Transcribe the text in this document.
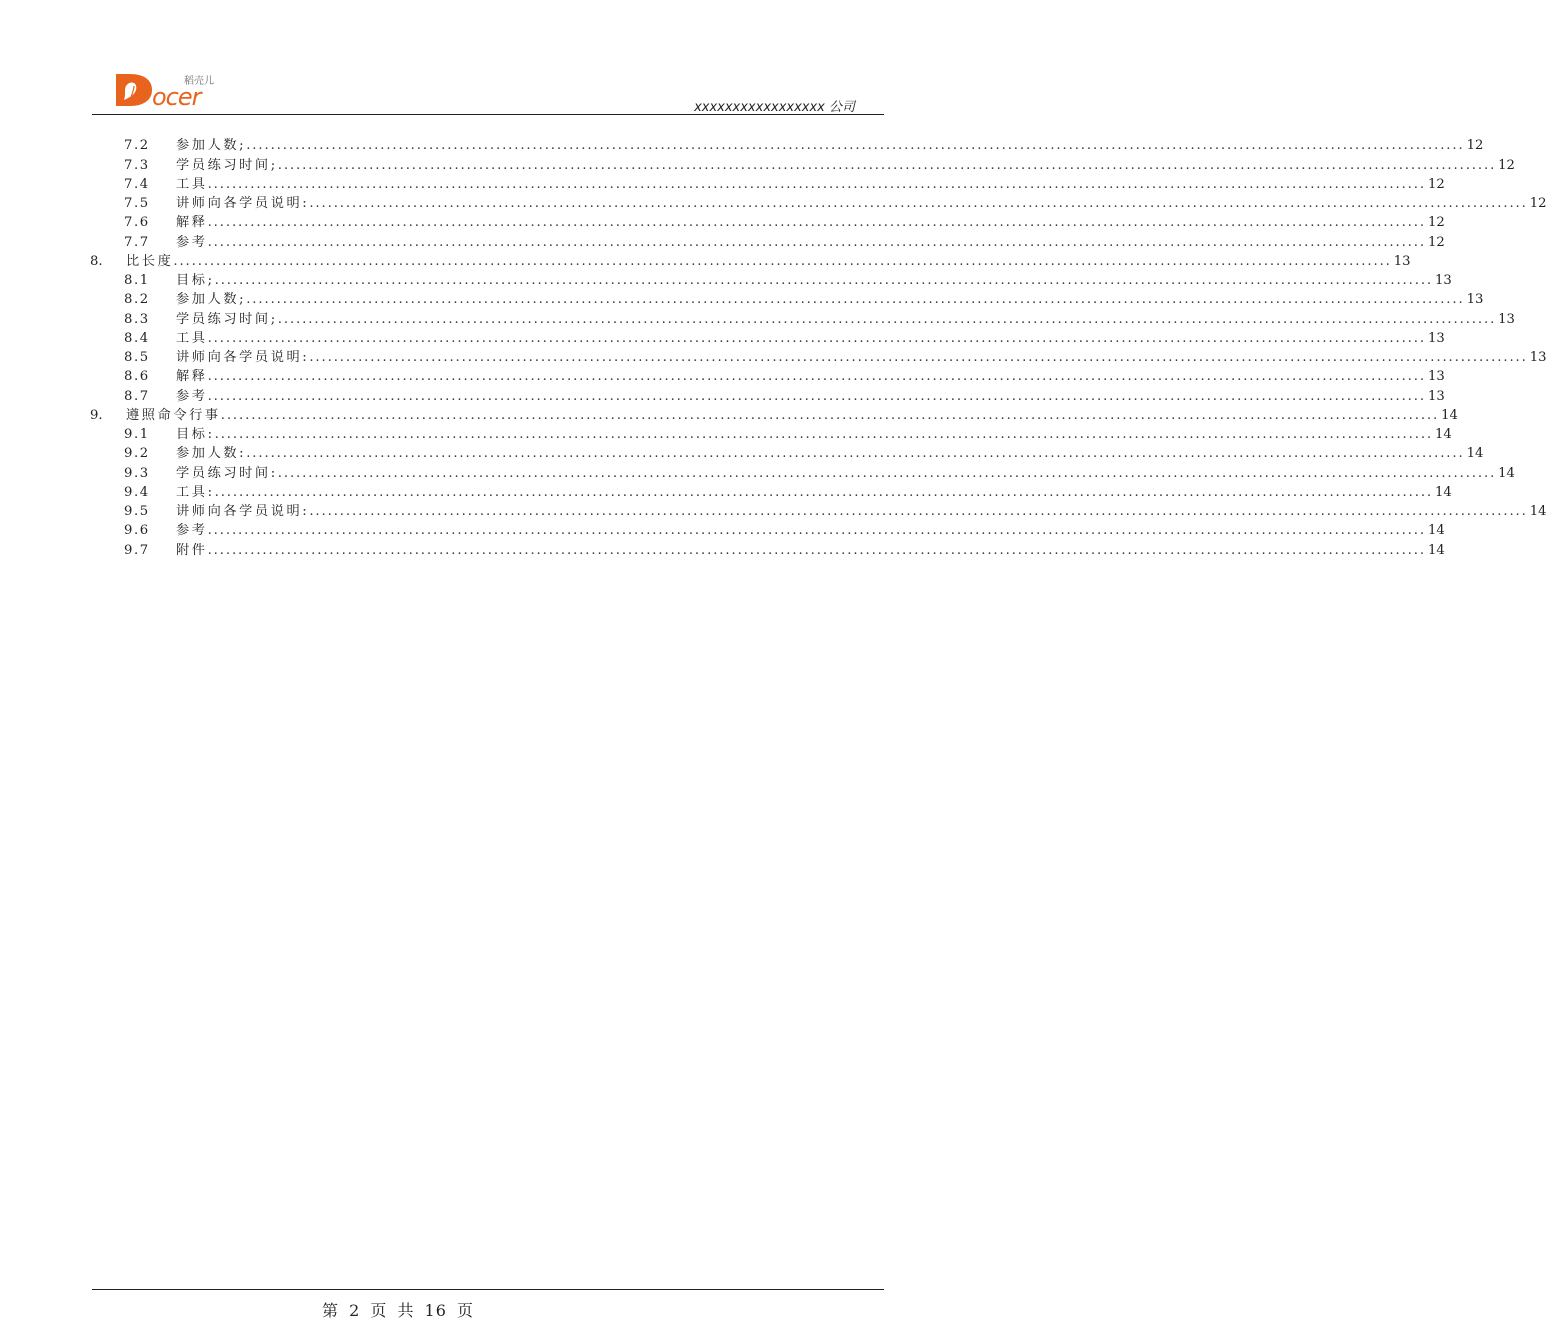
ocer
稻壳儿
xxxxxxxxxxxxxxxxx 公司
7.2	参加人数; ........................................................................................................................................................................................................ 12
7.3	学员练习时间; ........................................................................................................................................................................................................ 12
7.4	工具 ........................................................................................................................................................................................................ 12
7.5	讲师向各学员说明: ........................................................................................................................................................................................................ 12
7.6	解释 ........................................................................................................................................................................................................ 12
7.7	参考 ........................................................................................................................................................................................................ 12
8.	比长度 ........................................................................................................................................................................................................ 13
8.1	目标; ........................................................................................................................................................................................................ 13
8.2	参加人数; ........................................................................................................................................................................................................ 13
8.3	学员练习时间; ........................................................................................................................................................................................................ 13
8.4	工具 ........................................................................................................................................................................................................ 13
8.5	讲师向各学员说明: ........................................................................................................................................................................................................ 13
8.6	解释 ........................................................................................................................................................................................................ 13
8.7	参考 ........................................................................................................................................................................................................ 13
9.	遵照命令行事 ........................................................................................................................................................................................................ 14
9.1	目标: ........................................................................................................................................................................................................ 14
9.2	参加人数: ........................................................................................................................................................................................................ 14
9.3	学员练习时间: ........................................................................................................................................................................................................ 14
9.4	工具: ........................................................................................................................................................................................................ 14
9.5	讲师向各学员说明: ........................................................................................................................................................................................................ 14
9.6	参考 ........................................................................................................................................................................................................ 14
9.7	附件 ........................................................................................................................................................................................................ 14
第 2 页 共 16 页
